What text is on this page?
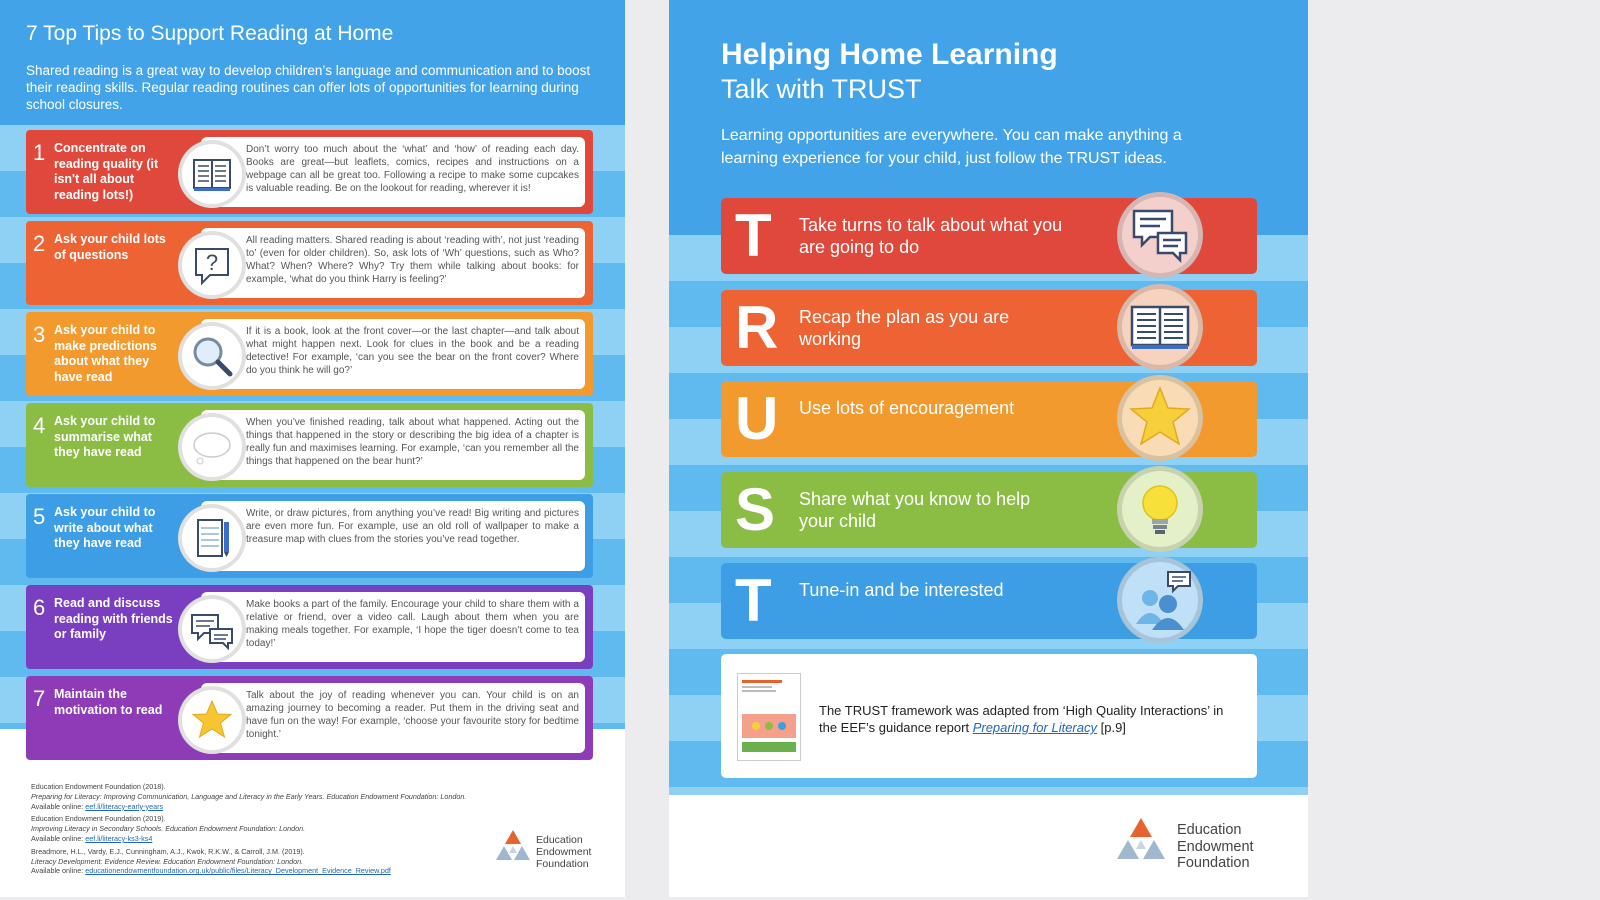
7 Top Tips to Support Reading at Home

Shared reading is a great way to develop children’s language and communication and to boost their reading skills. Regular reading routines can offer lots of opportunities for learning during school closures.

1 Concentrate on reading quality (it isn't all about reading lots!)
Don’t worry too much about the ‘what’ and ‘how’ of reading each day. Books are great—but leaflets, comics, recipes and instructions on a webpage can all be great too. Following a recipe to make some cupcakes is valuable reading. Be on the lookout for reading, wherever it is!
2 Ask your child lots of questions	?
All reading matters. Shared reading is about ‘reading with’, not just ‘reading to’ (even for older children). So, ask lots of ‘Wh’ questions, such as Who? What? When? Where? Why? Try them while talking about books: for example, ‘what do you think Harry is feeling?’
3 Ask your child to make predictions about what they have read
If it is a book, look at the front cover—or the last chapter—and talk about what might happen next. Look for clues in the book and be a reading detective! For example, ‘can you see the bear on the front cover? Where do you think he will go?’
4 Ask your child to summarise what they have read
When you’ve finished reading, talk about what happened. Acting out the things that happened in the story or describing the big idea of a chapter is really fun and maximises learning. For example, ‘can you remember all the things that happened on the bear hunt?’
5 Ask your child to write about what they have read
Write, or draw pictures, from anything you’ve read! Big writing and pictures are even more fun. For example, use an old roll of wallpaper to make a treasure map with clues from the stories you’ve read together.
6 Read and discuss reading with friends or family
Make books a part of the family. Encourage your child to share them with a relative or friend, over a video call. Laugh about them when you are making meals together. For example, ‘I hope the tiger doesn’t come to tea today!’
7 Maintain the motivation to read
Talk about the joy of reading whenever you can. Your child is on an amazing journey to becoming a reader. Put them in the driving seat and have fun on the way! For example, ‘choose your favourite story for bedtime tonight.’

Education Endowment Foundation (2018).
Preparing for Literacy: Improving Communication, Language and Literacy in the Early Years. Education Endowment Foundation: London.
Available online: eef.li/literacy-early-years

Education Endowment Foundation (2019).
Improving Literacy in Secondary Schools. Education Endowment Foundation: London.
Available online: eef.li/literacy-ks3-ks4

Breadmore, H.L., Vardy, E.J., Cunningham, A.J., Kwok, R.K.W., & Carroll, J.M. (2019).
Literacy Development: Evidence Review. Education Endowment Foundation: London.
Available online: educationendowmentfoundation.org.uk/public/files/Literacy_Development_Evidence_Review.pdf

Education
Endowment
Foundation
Helping Home Learning

Talk with TRUST

Learning opportunities are everywhere. You can make anything a learning experience for your child, just follow the TRUST ideas.

T Take turns to talk about what you are going to do
R Recap the plan as you are working
U Use lots of encouragement
S Share what you know to help your child
T Tune-in and be interested
The TRUST framework was adapted from ‘High Quality Interactions’ in the EEF’s guidance report Preparing for Literacy [p.9]
Education
Endowment
Foundation
